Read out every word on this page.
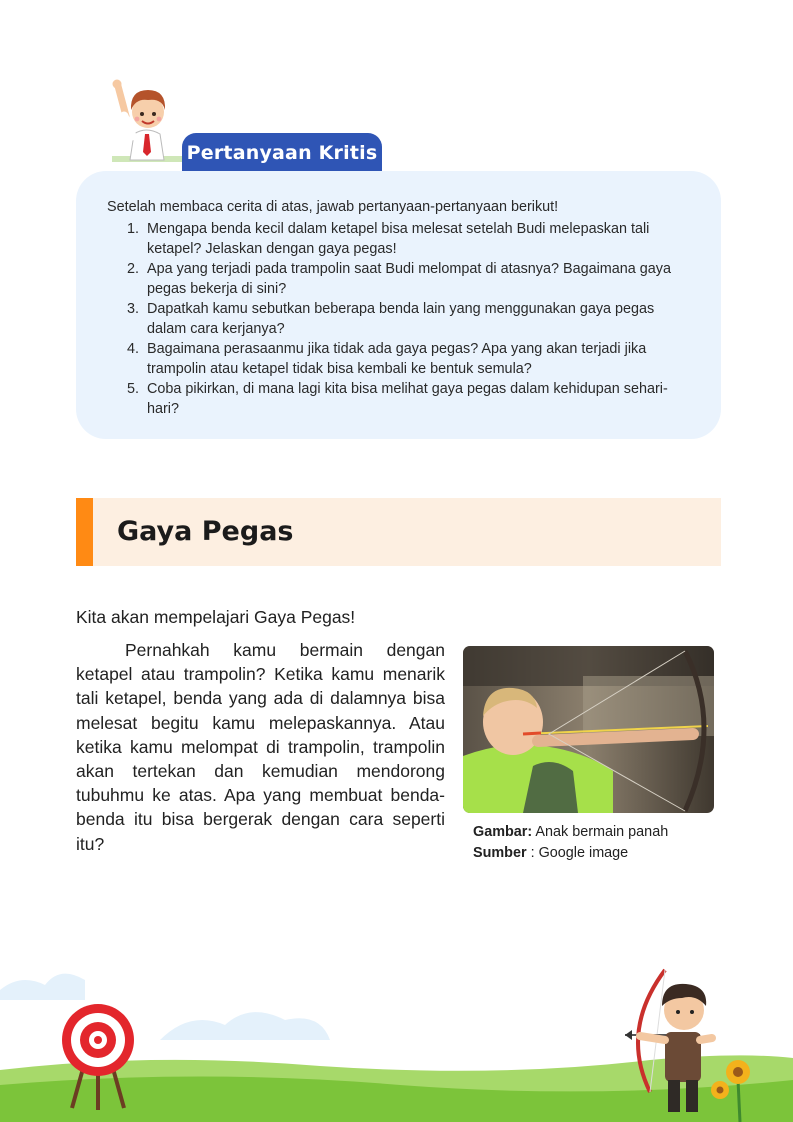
Pertanyaan Kritis

Setelah membaca cerita di atas, jawab pertanyaan-pertanyaan berikut!

1. Mengapa benda kecil dalam ketapel bisa melesat setelah Budi melepaskan tali ketapel? Jelaskan dengan gaya pegas!
2. Apa yang terjadi pada trampolin saat Budi melompat di atasnya? Bagaimana gaya pegas bekerja di sini?
3. Dapatkah kamu sebutkan beberapa benda lain yang menggunakan gaya pegas dalam cara kerjanya?
4. Bagaimana perasaanmu jika tidak ada gaya pegas? Apa yang akan terjadi jika trampolin atau ketapel tidak bisa kembali ke bentuk semula?
5. Coba pikirkan, di mana lagi kita bisa melihat gaya pegas dalam kehidupan sehari-hari?
Gaya Pegas
Kita akan mempelajari Gaya Pegas!

Pernahkah kamu bermain dengan ketapel atau trampolin? Ketika kamu menarik tali ketapel, benda yang ada di dalamnya bisa melesat begitu kamu melepaskannya. Atau ketika kamu melompat di trampolin, trampolin akan tertekan dan kemudian mendorong tubuhmu ke atas. Apa yang membuat benda-benda itu bisa bergerak dengan cara seperti itu?

Gambar: Anak bermain panah
Sumber : Google image
